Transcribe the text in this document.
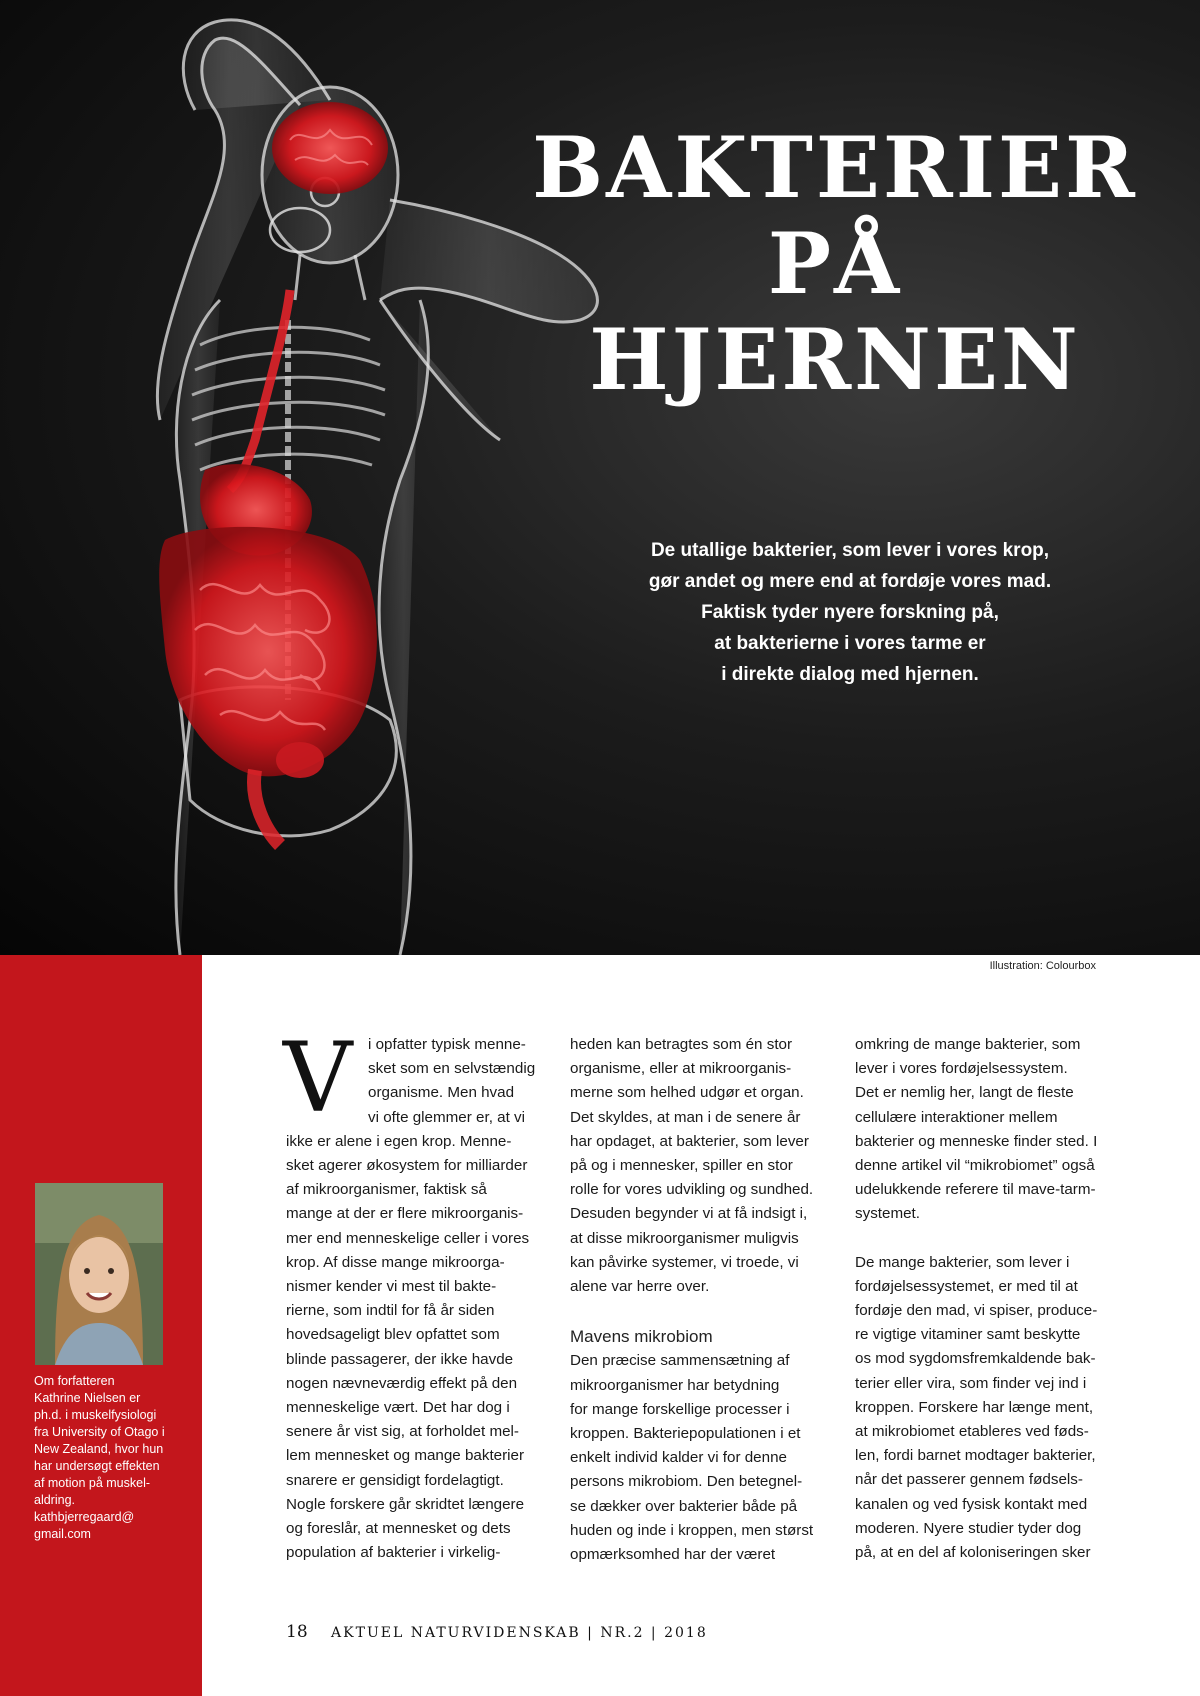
BAKTERIER
PÅ
HJERNEN
De utallige bakterier, som lever i vores krop,
gør andet og mere end at fordøje vores mad.
Faktisk tyder nyere forskning på,
at bakterierne i vores tarme er
i direkte dialog med hjernen.
Illustration: Colourbox
Om forfatteren
Kathrine Nielsen er
ph.d. i muskelfysiologi
fra University of Otago i
New Zealand, hvor hun
har undersøgt effekten
af motion på muskel-
aldring.
kathbjerregaard@
gmail.com
V	i opfatter typisk menne-
sket som en selvstændig
organisme. Men hvad
vi ofte glemmer er, at vi
ikke er alene i egen krop. Menne-
sket agerer økosystem for milliarder
af mikroorganismer, faktisk så
mange at der er flere mikroorganis-
mer end menneskelige celler i vores
krop. Af disse mange mikroorga-
nismer kender vi mest til bakte-
rierne, som indtil for få år siden
hovedsageligt blev opfattet som
blinde passagerer, der ikke havde
nogen nævneværdig effekt på den
menneskelige vært. Det har dog i
senere år vist sig, at forholdet mel-
lem mennesket og mange bakterier
snarere er gensidigt fordelagtigt.
Nogle forskere går skridtet længere
og foreslår, at mennesket og dets
population af bakterier i virkelig-
heden kan betragtes som én stor
organisme, eller at mikroorganis-
merne som helhed udgør et organ.
Det skyldes, at man i de senere år
har opdaget, at bakterier, som lever
på og i mennesker, spiller en stor
rolle for vores udvikling og sundhed.
Desuden begynder vi at få indsigt i,
at disse mikroorganismer muligvis
kan påvirke systemer, vi troede, vi
alene var herre over.
Mavens mikrobiom
Den præcise sammensætning af
mikroorganismer har betydning
for mange forskellige processer i
kroppen. Bakteriepopulationen i et
enkelt individ kalder vi for denne
persons mikrobiom. Den betegnel-
se dækker over bakterier både på
huden og inde i kroppen, men størst
opmærksomhed har der været
omkring de mange bakterier, som
lever i vores fordøjelsessystem.
Det er nemlig her, langt de fleste
cellulære interaktioner mellem
bakterier og menneske finder sted. I
denne artikel vil “mikrobiomet” også
udelukkende referere til mave-tarm-
systemet.
De mange bakterier, som lever i
fordøjelsessystemet, er med til at
fordøje den mad, vi spiser, produce-
re vigtige vitaminer samt beskytte
os mod sygdomsfremkaldende bak-
terier eller vira, som finder vej ind i
kroppen. Forskere har længe ment,
at mikrobiomet etableres ved føds-
len, fordi barnet modtager bakterier,
når det passerer gennem fødsels-
kanalen og ved fysisk kontakt med
moderen. Nyere studier tyder dog
på, at en del af koloniseringen sker
18 AKTUEL NATURVIDENSKAB | NR.2 | 2018
